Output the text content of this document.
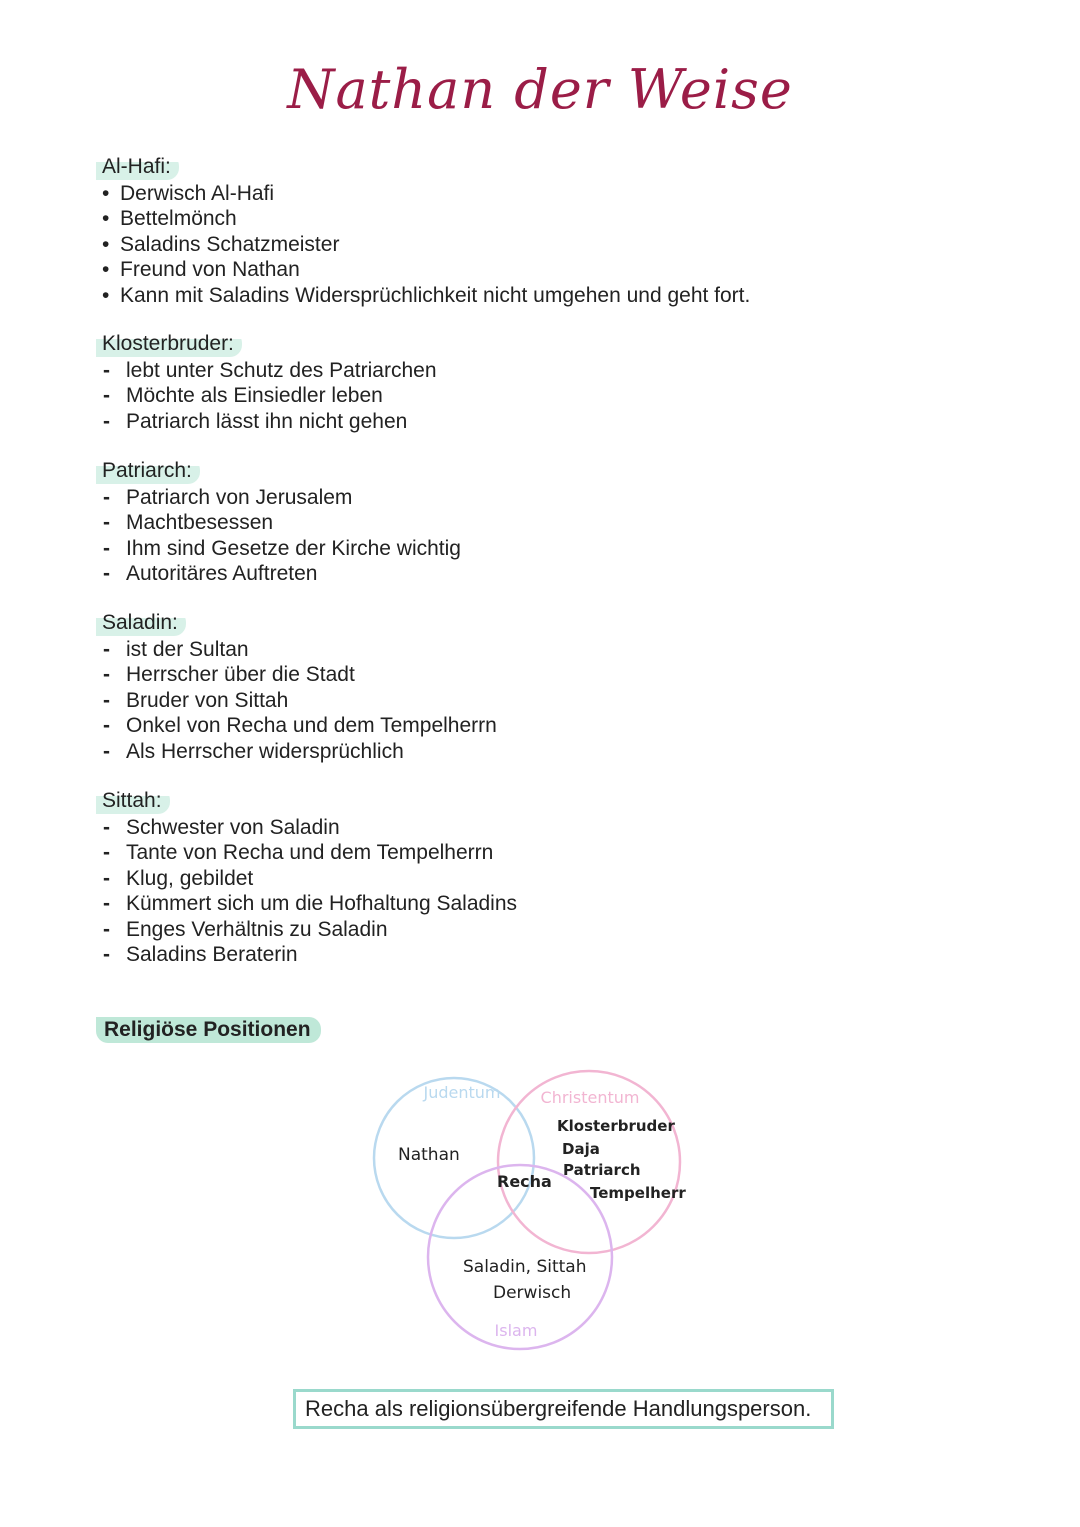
Nathan der Weise
Al-Hafi:
• Derwisch Al-Hafi
• Bettelmönch
• Saladins Schatzmeister
• Freund von Nathan
• Kann mit Saladins Widersprüchlichkeit nicht umgehen und geht fort.
Klosterbruder:
- lebt unter Schutz des Patriarchen
- Möchte als Einsiedler leben
- Patriarch lässt ihn nicht gehen
Patriarch:
- Patriarch von Jerusalem
- Machtbesessen
- Ihm sind Gesetze der Kirche wichtig
- Autoritäres Auftreten
Saladin:
- ist der Sultan
- Herrscher über die Stadt
- Bruder von Sittah
- Onkel von Recha und dem Tempelherrn
- Als Herrscher widersprüchlich
Sittah:
- Schwester von Saladin
- Tante von Recha und dem Tempelherrn
- Klug, gebildet
- Kümmert sich um die Hofhaltung Saladins
- Enges Verhältnis zu Saladin
- Saladins Beraterin
Religiöse Positionen
Judentum	Christentum
Islam
Nathan
Recha
Klosterbruder
Daja
Patriarch
Tempelherr
Saladin, Sittah
Derwisch
Recha als religionsübergreifende Handlungsperson.
